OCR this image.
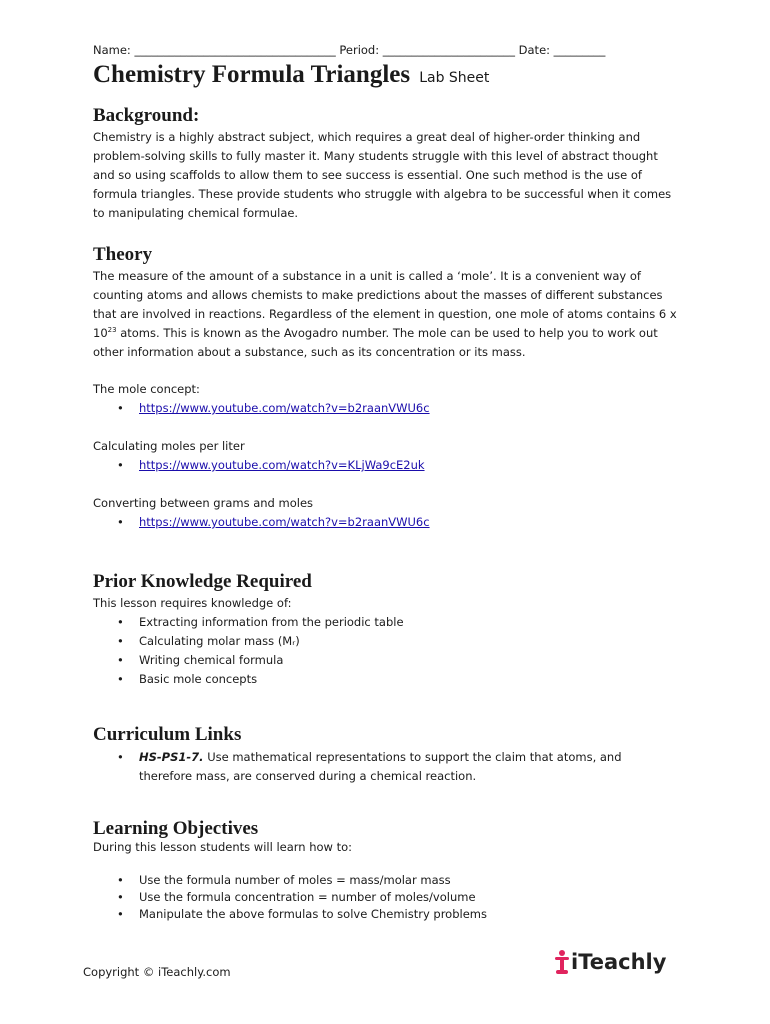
Name: ___________________________________ Period: _______________________ Date: _________
Chemistry Formula Triangles Lab Sheet
Background:
Chemistry is a highly abstract subject, which requires a great deal of higher-order thinking and problem-solving skills to fully master it. Many students struggle with this level of abstract thought and so using scaffolds to allow them to see success is essential. One such method is the use of formula triangles. These provide students who struggle with algebra to be successful when it comes to manipulating chemical formulae.
Theory
The measure of the amount of a substance in a unit is called a ‘mole’. It is a convenient way of counting atoms and allows chemists to make predictions about the masses of different substances that are involved in reactions. Regardless of the element in question, one mole of atoms contains 6 x $10^{23}$ atoms. This is known as the Avogadro number. The mole can be used to help you to work out other information about a substance, such as its concentration or its mass.
The mole concept:
• https://www.youtube.com/watch?v=b2raanVWU6c
Calculating moles per liter
• https://www.youtube.com/watch?v=KLjWa9cE2uk
Converting between grams and moles
• https://www.youtube.com/watch?v=b2raanVWU6c
Prior Knowledge Required
This lesson requires knowledge of:
• Extracting information from the periodic table
• Calculating molar mass (Mᵣ)
• Writing chemical formula
• Basic mole concepts
Curriculum Links
• HS-PS1-7. Use mathematical representations to support the claim that atoms, and therefore mass, are conserved during a chemical reaction.
Learning Objectives
During this lesson students will learn how to:
• Use the formula number of moles = mass/molar mass
• Use the formula concentration = number of moles/volume
• Manipulate the above formulas to solve Chemistry problems
Copyright © iTeachly.com	iTeachly
